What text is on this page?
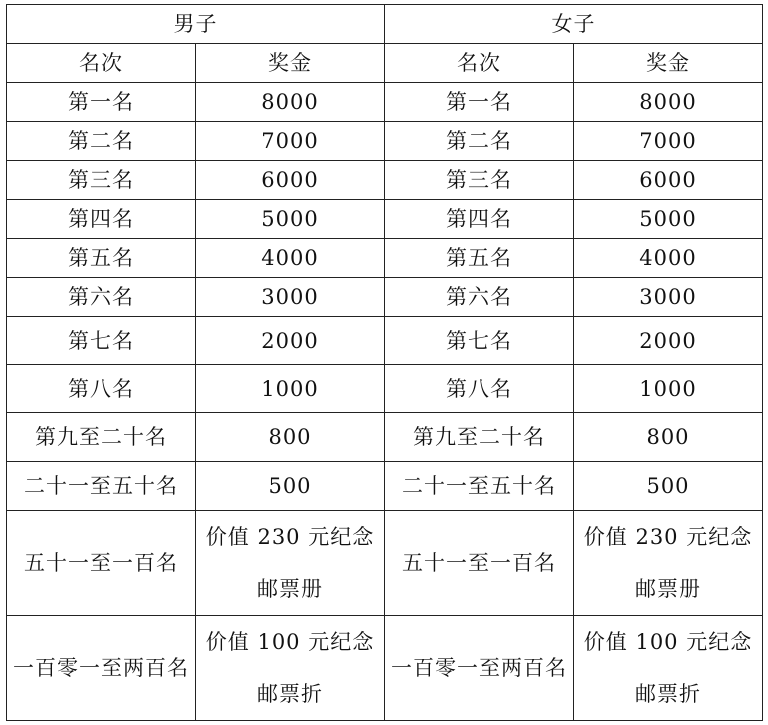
男子		女子	
名次	奖金	名次	奖金
第一名	8000	第一名	8000
第二名	7000	第二名	7000
第三名	6000	第三名	6000
第四名	5000	第四名	5000
第五名	4000	第五名	4000
第六名	3000	第六名	3000
第七名	2000	第七名	2000
第八名	1000	第八名	1000
第九至二十名	800	第九至二十名	800
二十一至五十名	500	二十一至五十名	500
五十一至一百名	价值 230 元纪念邮票册	五十一至一百名	价值 230 元纪念邮票册
一百零一至两百名	价值 100 元纪念邮票折	一百零一至两百名	价值 100 元纪念邮票折
